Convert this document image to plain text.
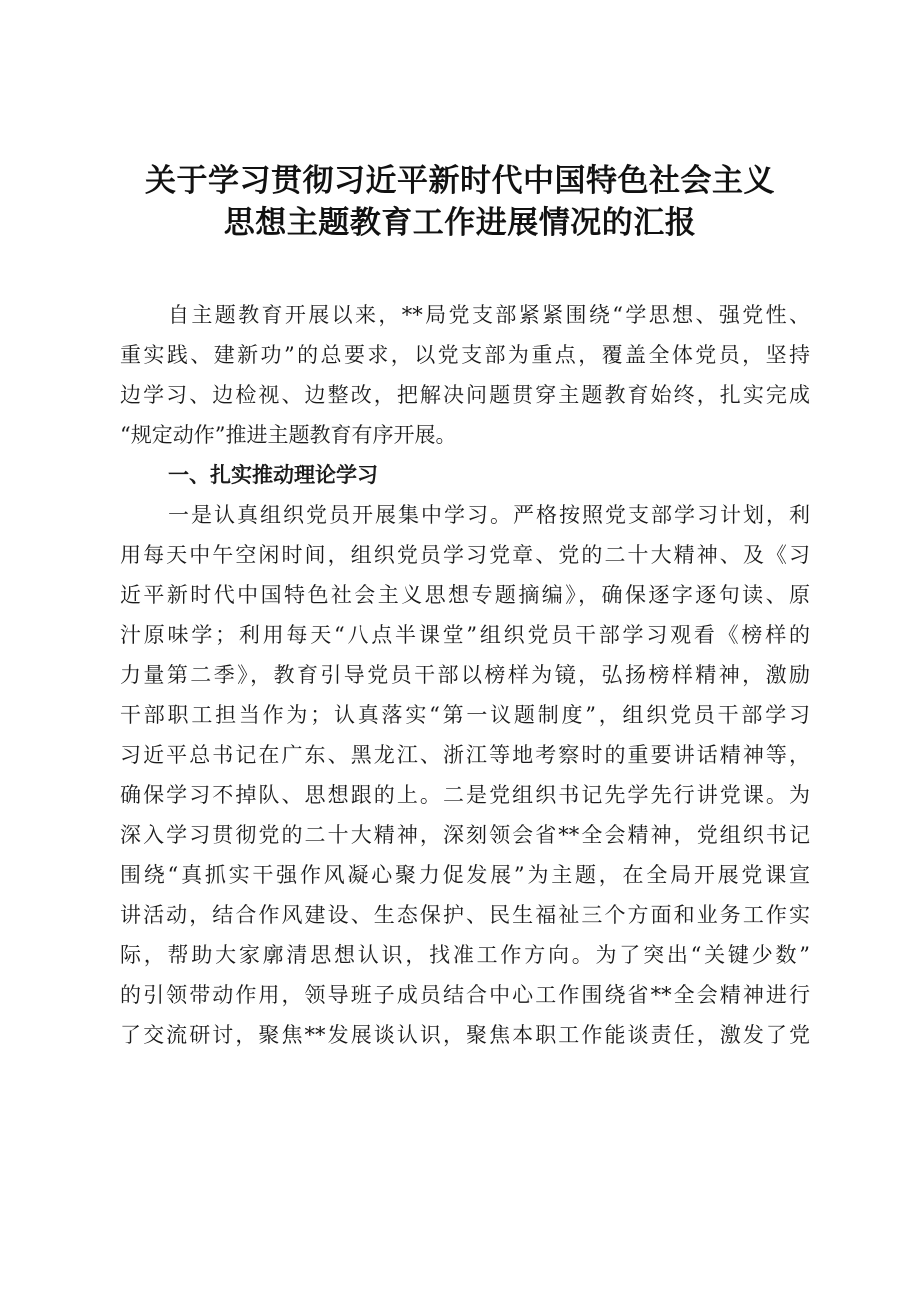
关于学习贯彻习近平新时代中国特色社会主义
思想主题教育工作进展情况的汇报
自主题教育开展以来，**局党支部紧紧围绕“学思想、强党性、
重实践、建新功”的总要求，以党支部为重点，覆盖全体党员，坚持
边学习、边检视、边整改，把解决问题贯穿主题教育始终，扎实完成
“规定动作”推进主题教育有序开展。
一、扎实推动理论学习
一是认真组织党员开展集中学习。严格按照党支部学习计划，利
用每天中午空闲时间，组织党员学习党章、党的二十大精神、及《习
近平新时代中国特色社会主义思想专题摘编》，确保逐字逐句读、原
汁原味学；利用每天“八点半课堂”组织党员干部学习观看《榜样的
力量第二季》，教育引导党员干部以榜样为镜，弘扬榜样精神，激励
干部职工担当作为；认真落实“第一议题制度”，组织党员干部学习
习近平总书记在广东、黑龙江、浙江等地考察时的重要讲话精神等，
确保学习不掉队、思想跟的上。二是党组织书记先学先行讲党课。为
深入学习贯彻党的二十大精神，深刻领会省**全会精神，党组织书记
围绕“真抓实干强作风凝心聚力促发展”为主题，在全局开展党课宣
讲活动，结合作风建设、生态保护、民生福祉三个方面和业务工作实
际，帮助大家廓清思想认识，找准工作方向。为了突出“关键少数”
的引领带动作用，领导班子成员结合中心工作围绕省**全会精神进行
了交流研讨，聚焦**发展谈认识，聚焦本职工作能谈责任，激发了党
